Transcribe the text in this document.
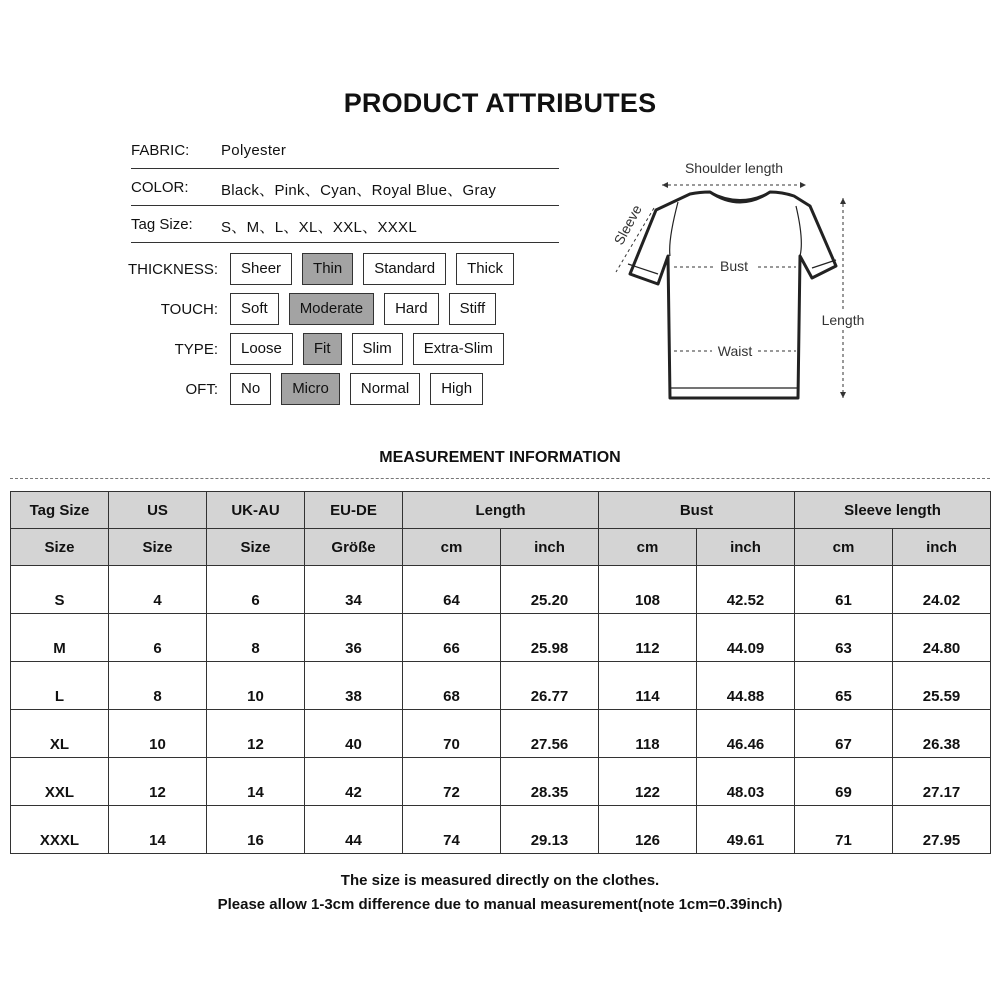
PRODUCT ATTRIBUTES
FABRIC: Polyester
COLOR: Black、Pink、Cyan、Royal Blue、Gray
Tag Size: S、M、L、XL、XXL、XXXL
THICKNESS:	Sheer	Thin	Standard	Thick
TOUCH:	Soft	Moderate	Hard	Stiff
TYPE:	Loose	Fit	Slim	Extra-Slim
OFT:	No	Micro	Normal	High
Shoulder length
Sleeve
Bust
Waist
Length
MEASUREMENT INFORMATION
Tag Size	US	UK-AU	EU-DE	Length		Bust		Sleeve length	
Size	Size	Size	Größe	cm	inch	cm	inch	cm	inch
S	4	6	34	64	25.20	108	42.52	61	24.02
M	6	8	36	66	25.98	112	44.09	63	24.80
L	8	10	38	68	26.77	114	44.88	65	25.59
XL	10	12	40	70	27.56	118	46.46	67	26.38
XXL	12	14	42	72	28.35	122	48.03	69	27.17
XXXL	14	16	44	74	29.13	126	49.61	71	27.95
The size is measured directly on the clothes.
Please allow 1-3cm difference due to manual measurement(note 1cm=0.39inch)
